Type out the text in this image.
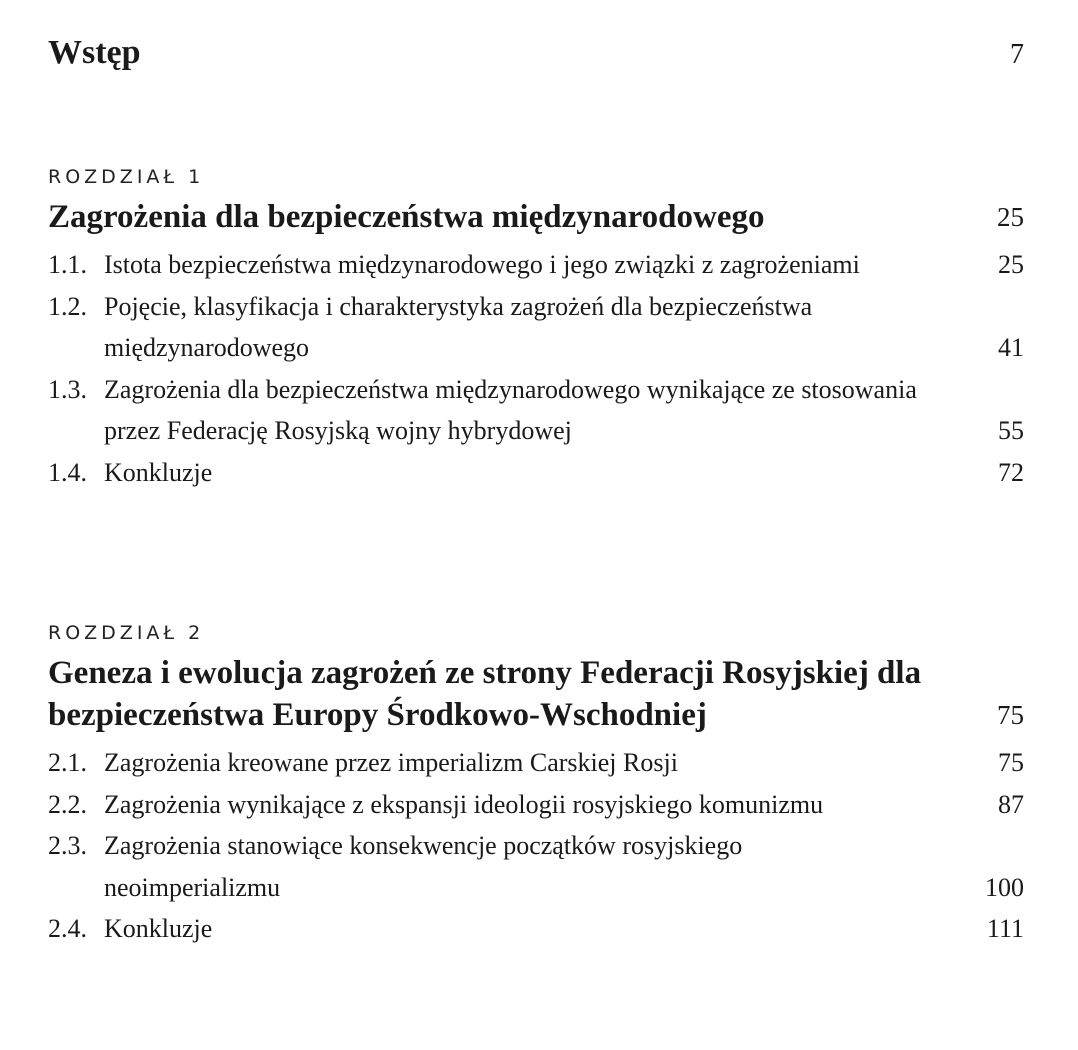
Wstęp	7
ROZDZIAŁ 1
Zagrożenia dla bezpieczeństwa międzynarodowego	25
1.1. Istota bezpieczeństwa międzynarodowego i jego związki z zagrożeniami	25
1.2. Pojęcie, klasyfikacja i charakterystyka zagrożeń dla bezpieczeństwa międzynarodowego	41
1.3. Zagrożenia dla bezpieczeństwa międzynarodowego wynikające ze stosowania przez Federację Rosyjską wojny hybrydowej	55
1.4. Konkluzje	72
ROZDZIAŁ 2
Geneza i ewolucja zagrożeń ze strony Federacji Rosyjskiej dla bezpieczeństwa Europy Środkowo-Wschodniej	75
2.1. Zagrożenia kreowane przez imperializm Carskiej Rosji	75
2.2. Zagrożenia wynikające z ekspansji ideologii rosyjskiego komunizmu	87
2.3. Zagrożenia stanowiące konsekwencje początków rosyjskiego neoimperializmu	100
2.4. Konkluzje	111
